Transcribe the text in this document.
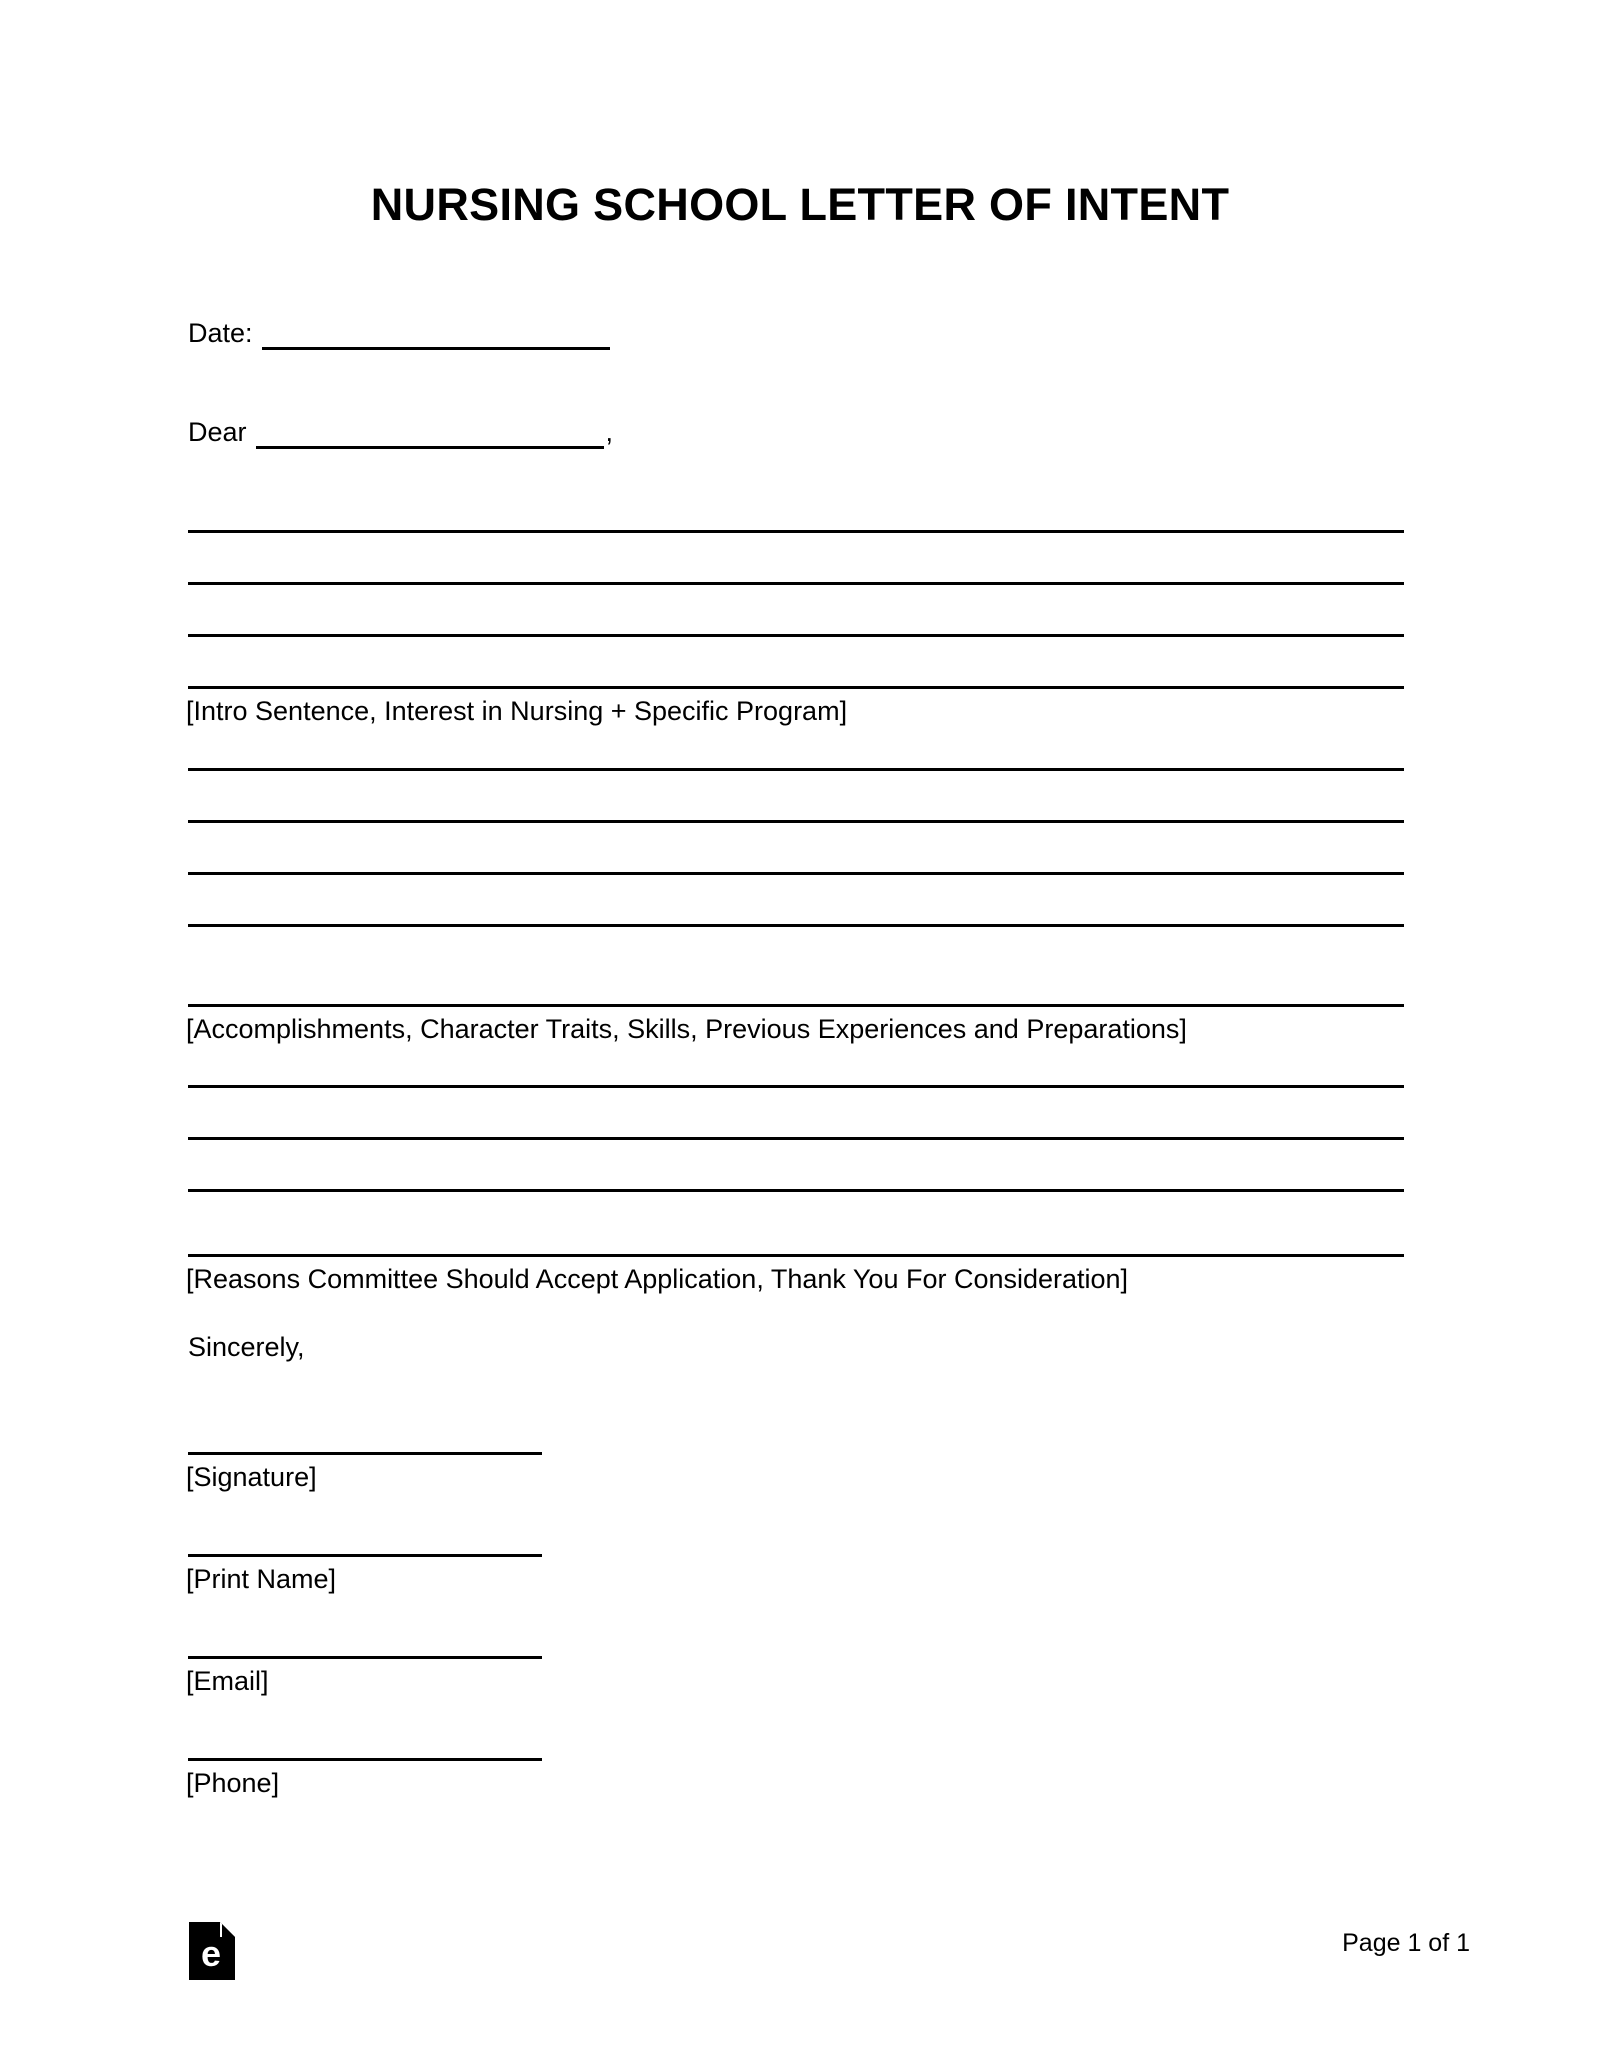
NURSING SCHOOL LETTER OF INTENT
Date:
Dear	,
[Intro Sentence, Interest in Nursing + Specific Program]
[Accomplishments, Character Traits, Skills, Previous Experiences and Preparations]
[Reasons Committee Should Accept Application, Thank You For Consideration]
Sincerely,
[Signature]
[Print Name]
[Email]
[Phone]
e	Page 1 of 1
